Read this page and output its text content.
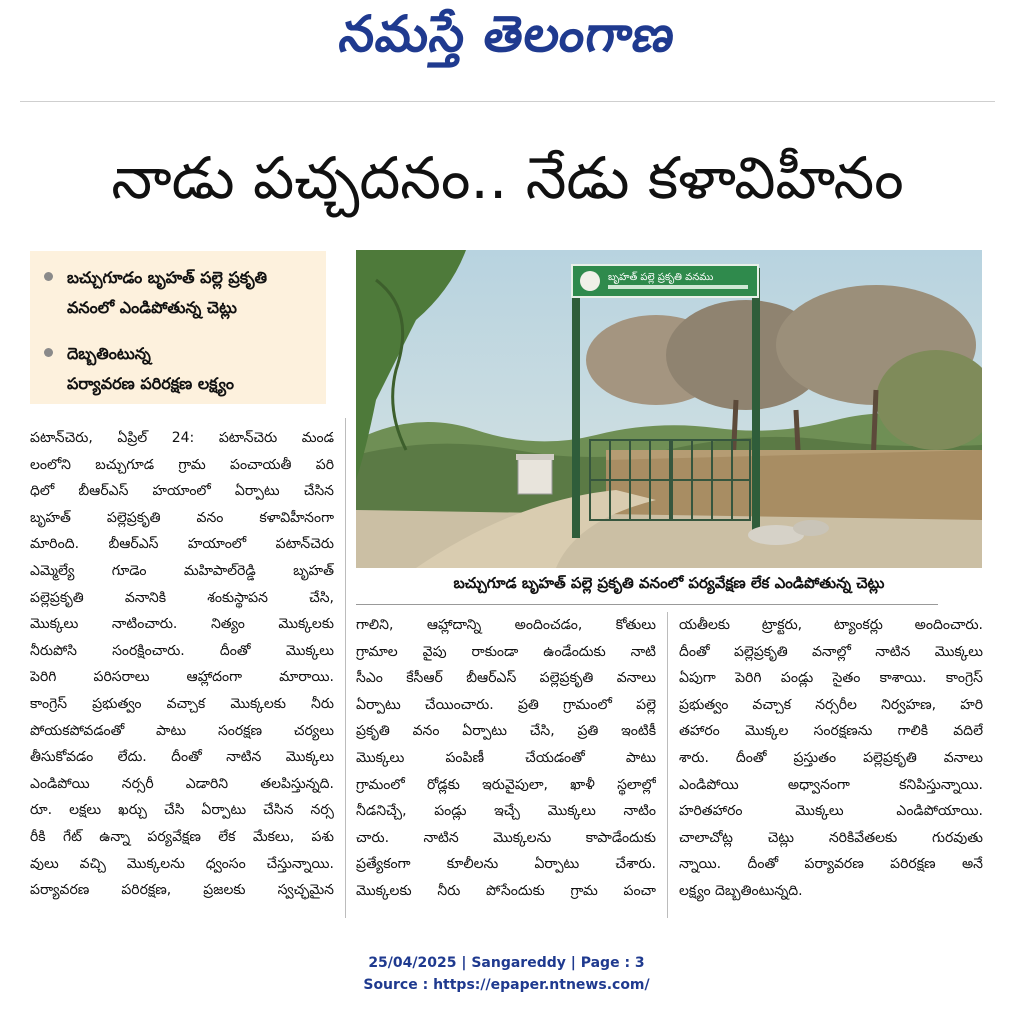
నమస్తే తెలంగాణ
నాడు పచ్చదనం.. నేడు కళావిహీనం
బచ్చుగూడం బృహత్ పల్లె ప్రకృతి
వనంలో ఎండిపోతున్న చెట్లు
దెబ్బతింటున్న
పర్యావరణ పరిరక్షణ లక్ష్యం
బృహత్ పల్లె ప్రకృతి వనము
బచ్చుగూడ బృహత్ పల్లె ప్రకృతి వనంలో పర్యవేక్షణ లేక ఎండిపోతున్న చెట్లు
పటాన్‌చెరు, ఏప్రిల్ 24: పటాన్‌చెరు మండ
లంలోని బచ్చుగూడ గ్రామ పంచాయతీ పరి
ధిలో బీఆర్‌ఎస్ హయాంలో ఏర్పాటు చేసిన
బృహత్ పల్లెప్రకృతి వనం కళావిహీనంగా
మారింది. బీఆర్‌ఎస్ హయాంలో పటాన్‌చెరు
ఎమ్మెల్యే గూడెం మహిపాల్‌రెడ్డి బృహత్
పల్లెప్రకృతి వనానికి శంకుస్థాపన చేసి,
మొక్కలు నాటించారు. నిత్యం మొక్కలకు
నీరుపోసి సంరక్షించారు. దీంతో మొక్కలు
పెరిగి పరిసరాలు ఆహ్లాదంగా మారాయి.
కాంగ్రెస్ ప్రభుత్వం వచ్చాక మొక్కలకు నీరు
పోయకపోవడంతో పాటు సంరక్షణ చర్యలు
తీసుకోవడం లేదు. దీంతో నాటిన మొక్కలు
ఎండిపోయి నర్సరీ ఎడారిని తలపిస్తున్నది.
రూ. లక్షలు ఖర్చు చేసి ఏర్పాటు చేసిన నర్స
రీకి గేట్ ఉన్నా పర్యవేక్షణ లేక మేకలు, పశు
వులు వచ్చి మొక్కలను ధ్వంసం చేస్తున్నాయి.
పర్యావరణ పరిరక్షణ, ప్రజలకు స్వచ్ఛమైన
గాలిని, ఆహ్లాదాన్ని అందించడం, కోతులు
గ్రామాల వైపు రాకుండా ఉండేందుకు నాటి
సీఎం కేసీఆర్ బీఆర్‌ఎస్ పల్లెప్రకృతి వనాలు
ఏర్పాటు చేయించారు. ప్రతి గ్రామంలో పల్లె
ప్రకృతి వనం ఏర్పాటు చేసి, ప్రతి ఇంటికీ
మొక్కలు పంపిణీ చేయడంతో పాటు
గ్రామంలో రోడ్లకు ఇరువైపులా, ఖాళీ స్థలాల్లో
నీడనిచ్చే, పండ్లు ఇచ్చే మొక్కలు నాటిం
చారు. నాటిన మొక్కలను కాపాడేందుకు
ప్రత్యేకంగా కూలీలను ఏర్పాటు చేశారు.
మొక్కలకు నీరు పోసేందుకు గ్రామ పంచా
యతీలకు ట్రాక్టరు, ట్యాంకర్లు అందించారు.
దీంతో పల్లెప్రకృతి వనాల్లో నాటిన మొక్కలు
ఏపుగా పెరిగి పండ్లు సైతం కాశాయి. కాంగ్రెస్
ప్రభుత్వం వచ్చాక నర్సరీల నిర్వహణ, హరి
తహారం మొక్కల సంరక్షణను గాలికి వదిలే
శారు. దీంతో ప్రస్తుతం పల్లెప్రకృతి వనాలు
ఎండిపోయి అధ్వానంగా కనిపిస్తున్నాయి.
హరితహారం మొక్కలు ఎండిపోయాయి.
చాలాచోట్ల చెట్లు నరికివేతలకు గురవుతు
న్నాయి. దీంతో పర్యావరణ పరిరక్షణ అనే
లక్ష్యం దెబ్బతింటున్నది.
25/04/2025 | Sangareddy | Page : 3
Source : https://epaper.ntnews.com/
